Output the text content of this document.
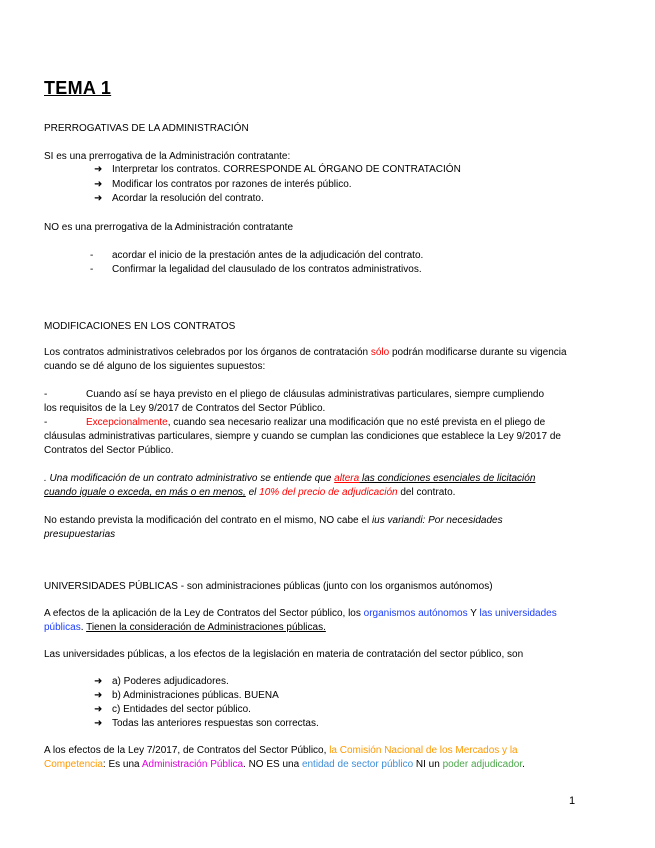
TEMA 1
PRERROGATIVAS DE LA ADMINISTRACIÓN
SI es una prerrogativa de la Administración contratante:
➜ Interpretar los contratos. CORRESPONDE AL ÓRGANO DE CONTRATACIÓN
➜ Modificar los contratos por razones de interés público.
➜ Acordar la resolución del contrato.
NO es una prerrogativa de la Administración contratante
- acordar el inicio de la prestación antes de la adjudicación del contrato.
- Confirmar la legalidad del clausulado de los contratos administrativos.
MODIFICACIONES EN LOS CONTRATOS
Los contratos administrativos celebrados por los órganos de contratación sólo podrán modificarse durante su vigencia
cuando se dé alguno de los siguientes supuestos:
-	Cuando así se haya previsto en el pliego de cláusulas administrativas particulares, siempre cumpliendo
los requisitos de la Ley 9/2017 de Contratos del Sector Público.
-	Excepcionalmente, cuando sea necesario realizar una modificación que no esté prevista en el pliego de
cláusulas administrativas particulares, siempre y cuando se cumplan las condiciones que establece la Ley 9/2017 de
Contratos del Sector Público.
. Una modificación de un contrato administrativo se entiende que altera las condiciones esenciales de licitación
cuando iguale o exceda, en más o en menos, el 10% del precio de adjudicación del contrato.
No estando prevista la modificación del contrato en el mismo, NO cabe el ius variandi: Por necesidades
presupuestarias
UNIVERSIDADES PÚBLICAS - son administraciones públicas (junto con los organismos autónomos)
A efectos de la aplicación de la Ley de Contratos del Sector público, los organismos autónomos Y las universidades
públicas. Tienen la consideración de Administraciones públicas.
Las universidades públicas, a los efectos de la legislación en materia de contratación del sector público, son
➜ a) Poderes adjudicadores.
➜ b) Administraciones públicas. BUENA
➜ c) Entidades del sector público.
➜ Todas las anteriores respuestas son correctas.
A los efectos de la Ley 7/2017, de Contratos del Sector Público, la Comisión Nacional de los Mercados y la
Competencia: Es una Administración Pública. NO ES una entidad de sector público NI un poder adjudicador.
1
